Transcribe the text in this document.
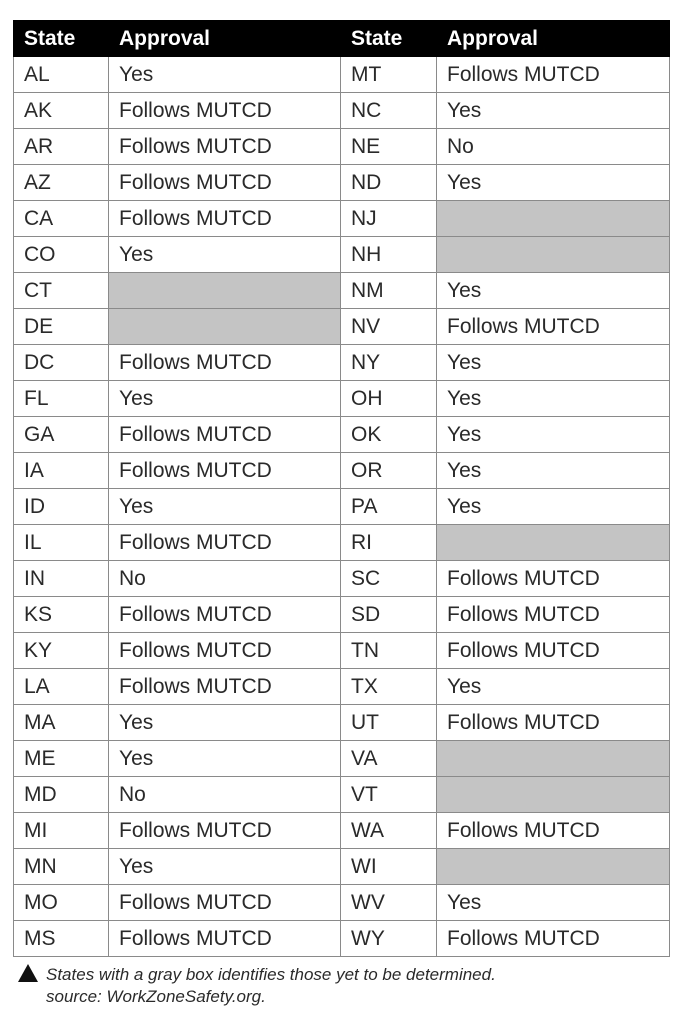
State	Approval	State	Approval
AL	Yes	MT	Follows MUTCD
AK	Follows MUTCD	NC	Yes
AR	Follows MUTCD	NE	No
AZ	Follows MUTCD	ND	Yes
CA	Follows MUTCD	NJ	
CO	Yes	NH	
CT		NM	Yes
DE		NV	Follows MUTCD
DC	Follows MUTCD	NY	Yes
FL	Yes	OH	Yes
GA	Follows MUTCD	OK	Yes
IA	Follows MUTCD	OR	Yes
ID	Yes	PA	Yes
IL	Follows MUTCD	RI	
IN	No	SC	Follows MUTCD
KS	Follows MUTCD	SD	Follows MUTCD
KY	Follows MUTCD	TN	Follows MUTCD
LA	Follows MUTCD	TX	Yes
MA	Yes	UT	Follows MUTCD
ME	Yes	VA	
MD	No	VT	
MI	Follows MUTCD	WA	Follows MUTCD
MN	Yes	WI	
MO	Follows MUTCD	WV	Yes
MS	Follows MUTCD	WY	Follows MUTCD
States with a gray box identifies those yet to be determined.
source: WorkZoneSafety.org.
